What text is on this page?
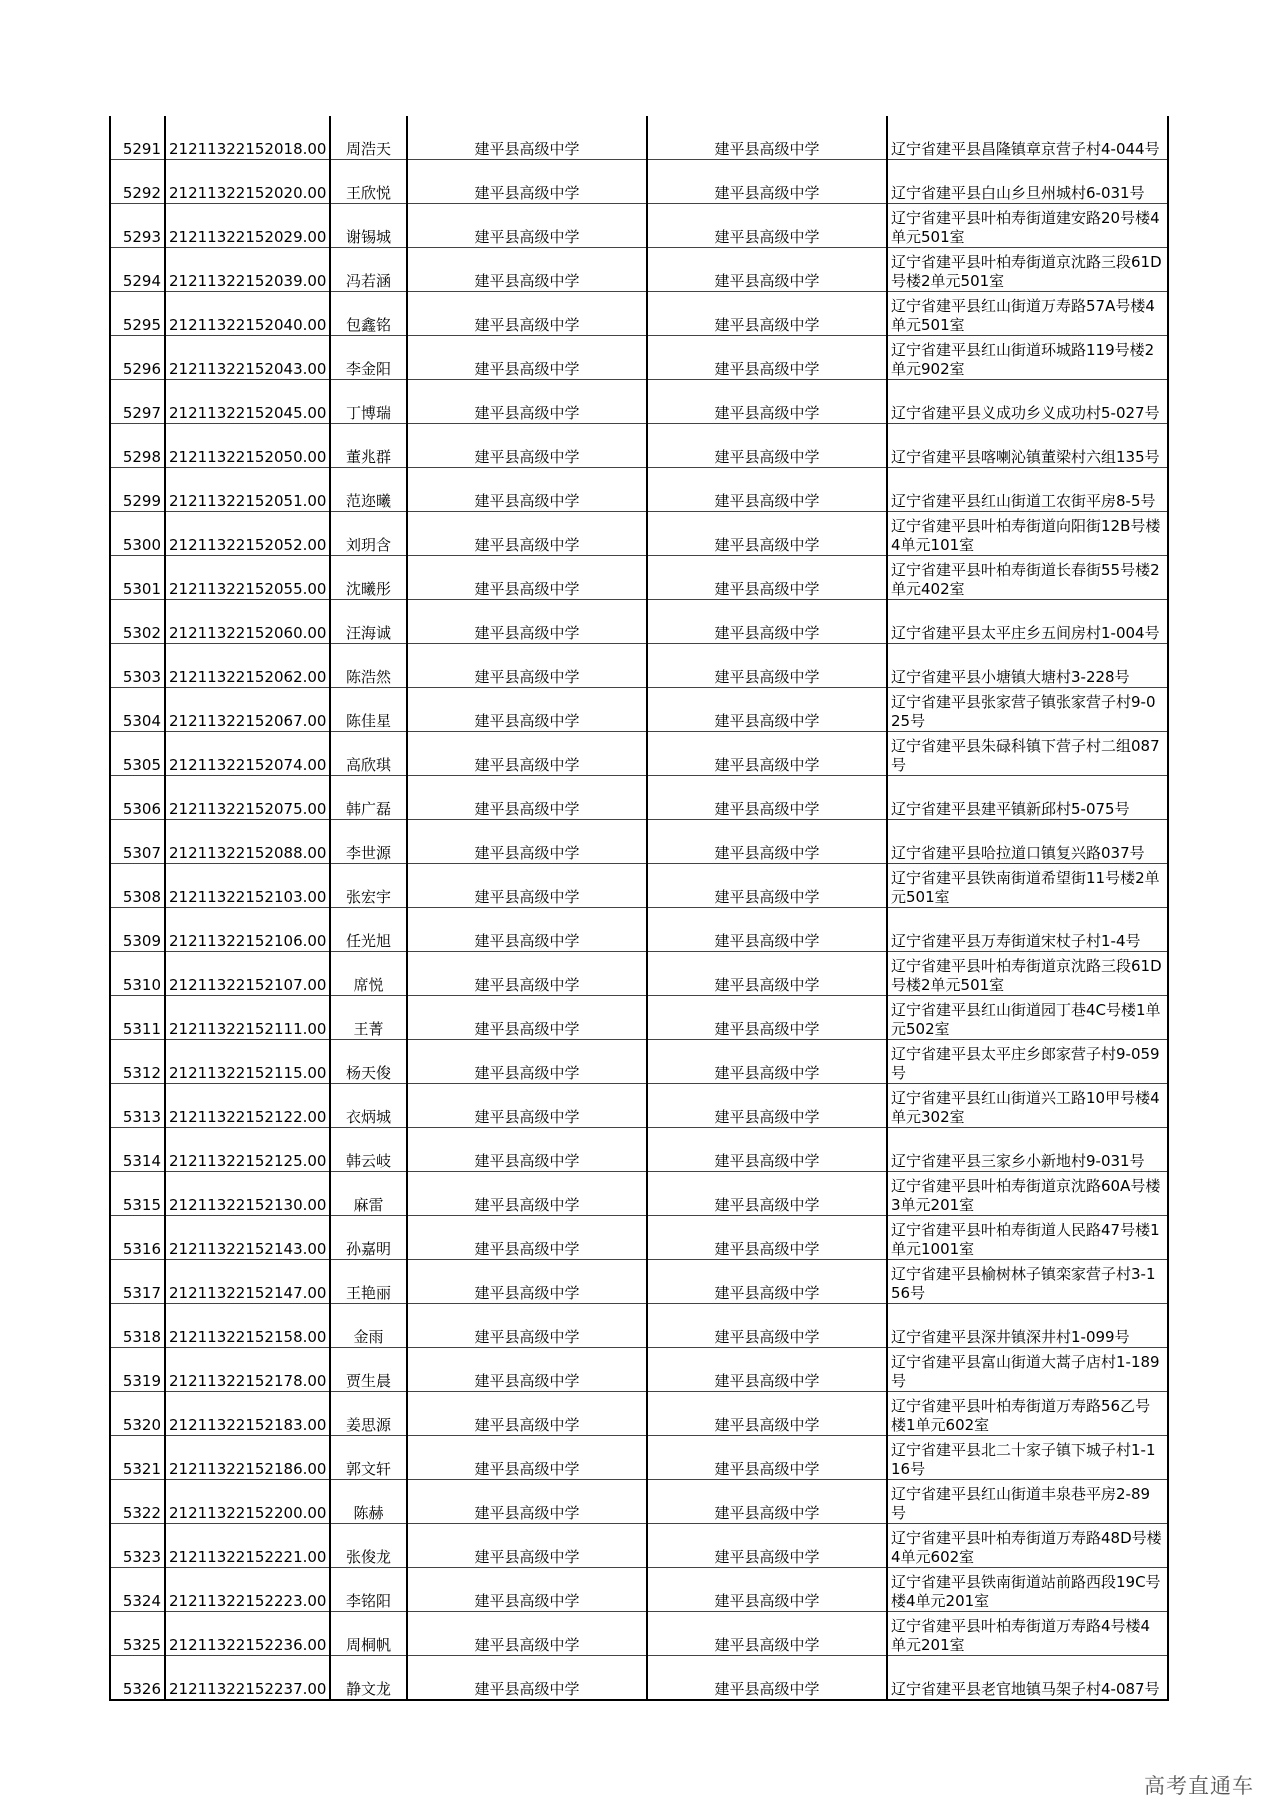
5291	21211322152018.00	周浩天	建平县高级中学	建平县高级中学	辽宁省建平县昌隆镇章京营子村4-044号
5292	21211322152020.00	王欣悦	建平县高级中学	建平县高级中学	辽宁省建平县白山乡旦州城村6-031号
5293	21211322152029.00	谢锡城	建平县高级中学	建平县高级中学	辽宁省建平县叶柏寿街道建安路20号楼4单元501室
5294	21211322152039.00	冯若涵	建平县高级中学	建平县高级中学	辽宁省建平县叶柏寿街道京沈路三段61D号楼2单元501室
5295	21211322152040.00	包鑫铭	建平县高级中学	建平县高级中学	辽宁省建平县红山街道万寿路57A号楼4单元501室
5296	21211322152043.00	李金阳	建平县高级中学	建平县高级中学	辽宁省建平县红山街道环城路119号楼2单元902室
5297	21211322152045.00	丁博瑞	建平县高级中学	建平县高级中学	辽宁省建平县义成功乡义成功村5-027号
5298	21211322152050.00	董兆群	建平县高级中学	建平县高级中学	辽宁省建平县喀喇沁镇董梁村六组135号
5299	21211322152051.00	范迩曦	建平县高级中学	建平县高级中学	辽宁省建平县红山街道工农街平房8-5号
5300	21211322152052.00	刘玥含	建平县高级中学	建平县高级中学	辽宁省建平县叶柏寿街道向阳街12B号楼4单元101室
5301	21211322152055.00	沈曦彤	建平县高级中学	建平县高级中学	辽宁省建平县叶柏寿街道长春街55号楼2单元402室
5302	21211322152060.00	汪海诚	建平县高级中学	建平县高级中学	辽宁省建平县太平庄乡五间房村1-004号
5303	21211322152062.00	陈浩然	建平县高级中学	建平县高级中学	辽宁省建平县小塘镇大塘村3-228号
5304	21211322152067.00	陈佳星	建平县高级中学	建平县高级中学	辽宁省建平县张家营子镇张家营子村9-025号
5305	21211322152074.00	高欣琪	建平县高级中学	建平县高级中学	辽宁省建平县朱碌科镇下营子村二组087号
5306	21211322152075.00	韩广磊	建平县高级中学	建平县高级中学	辽宁省建平县建平镇新邱村5-075号
5307	21211322152088.00	李世源	建平县高级中学	建平县高级中学	辽宁省建平县哈拉道口镇复兴路037号
5308	21211322152103.00	张宏宇	建平县高级中学	建平县高级中学	辽宁省建平县铁南街道希望街11号楼2单元501室
5309	21211322152106.00	任光旭	建平县高级中学	建平县高级中学	辽宁省建平县万寿街道宋杖子村1-4号
5310	21211322152107.00	席悦	建平县高级中学	建平县高级中学	辽宁省建平县叶柏寿街道京沈路三段61D号楼2单元501室
5311	21211322152111.00	王菁	建平县高级中学	建平县高级中学	辽宁省建平县红山街道园丁巷4C号楼1单元502室
5312	21211322152115.00	杨天俊	建平县高级中学	建平县高级中学	辽宁省建平县太平庄乡郎家营子村9-059号
5313	21211322152122.00	衣炳城	建平县高级中学	建平县高级中学	辽宁省建平县红山街道兴工路10甲号楼4单元302室
5314	21211322152125.00	韩云岐	建平县高级中学	建平县高级中学	辽宁省建平县三家乡小新地村9-031号
5315	21211322152130.00	麻雷	建平县高级中学	建平县高级中学	辽宁省建平县叶柏寿街道京沈路60A号楼3单元201室
5316	21211322152143.00	孙嘉明	建平县高级中学	建平县高级中学	辽宁省建平县叶柏寿街道人民路47号楼1单元1001室
5317	21211322152147.00	王艳丽	建平县高级中学	建平县高级中学	辽宁省建平县榆树林子镇栾家营子村3-156号
5318	21211322152158.00	金雨	建平县高级中学	建平县高级中学	辽宁省建平县深井镇深井村1-099号
5319	21211322152178.00	贾生晨	建平县高级中学	建平县高级中学	辽宁省建平县富山街道大蒿子店村1-189号
5320	21211322152183.00	姜思源	建平县高级中学	建平县高级中学	辽宁省建平县叶柏寿街道万寿路56乙号楼1单元602室
5321	21211322152186.00	郭文轩	建平县高级中学	建平县高级中学	辽宁省建平县北二十家子镇下城子村1-116号
5322	21211322152200.00	陈赫	建平县高级中学	建平县高级中学	辽宁省建平县红山街道丰泉巷平房2-89号
5323	21211322152221.00	张俊龙	建平县高级中学	建平县高级中学	辽宁省建平县叶柏寿街道万寿路48D号楼4单元602室
5324	21211322152223.00	李铭阳	建平县高级中学	建平县高级中学	辽宁省建平县铁南街道站前路西段19C号楼4单元201室
5325	21211322152236.00	周桐帆	建平县高级中学	建平县高级中学	辽宁省建平县叶柏寿街道万寿路4号楼4单元201室
5326	21211322152237.00	静文龙	建平县高级中学	建平县高级中学	辽宁省建平县老官地镇马架子村4-087号
高考直通车
